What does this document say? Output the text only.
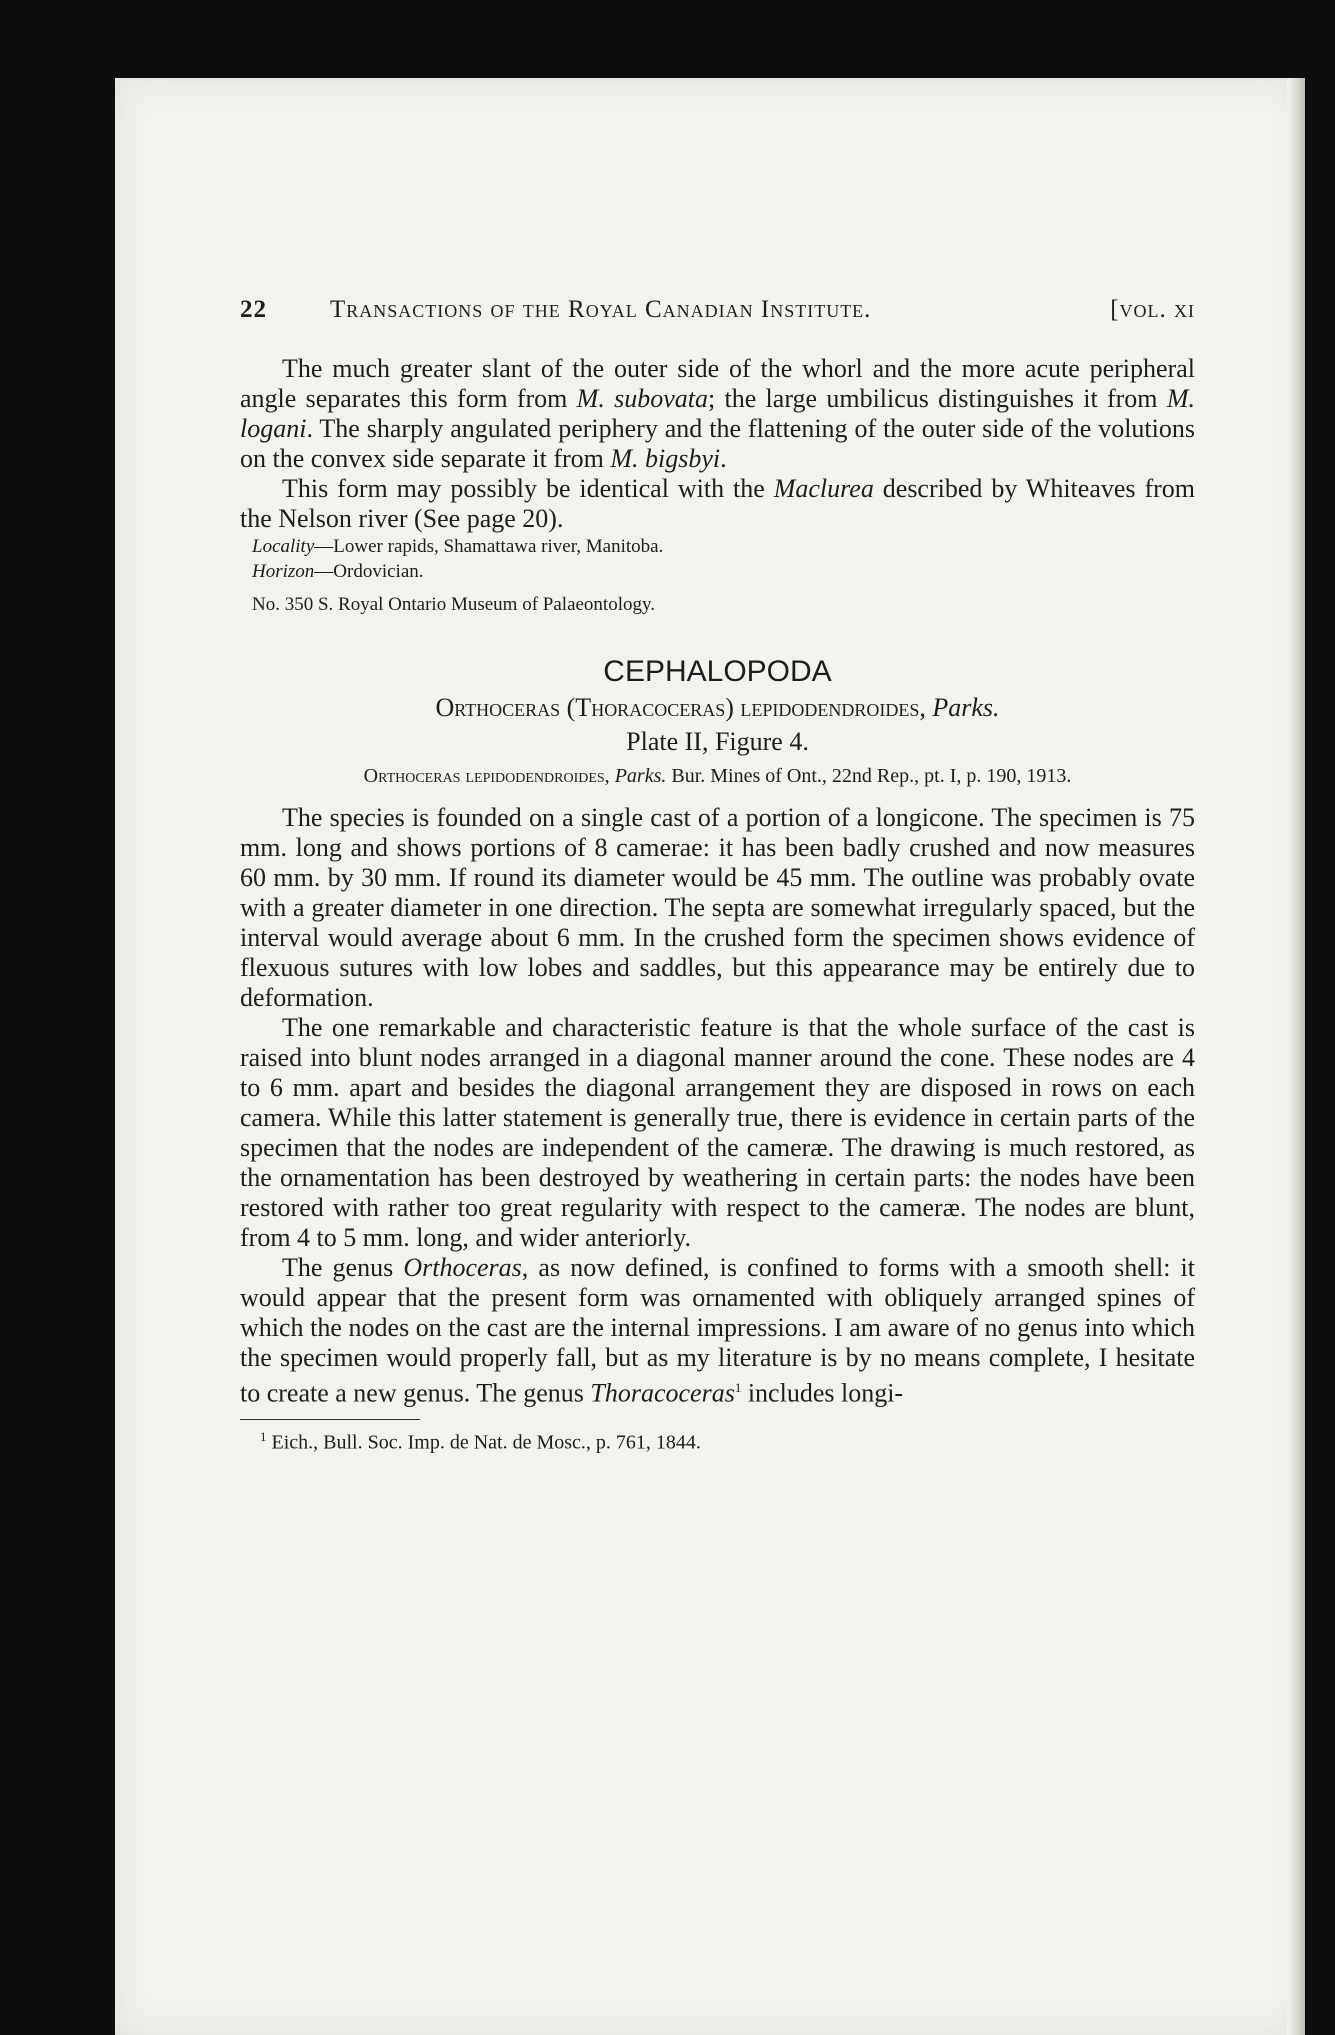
22	Transactions of the Royal Canadian Institute.	[vol. xi

The much greater slant of the outer side of the whorl and the more acute peripheral angle separates this form from M. subovata; the large umbilicus distinguishes it from M. logani. The sharply angulated periphery and the flattening of the outer side of the volutions on the convex side separate it from M. bigsbyi.

This form may possibly be identical with the Maclurea described by Whiteaves from the Nelson river (See page 20).

Locality—Lower rapids, Shamattawa river, Manitoba.

Horizon—Ordovician.

No. 350 S. Royal Ontario Museum of Palaeontology.

CEPHALOPODA
Orthoceras (Thoracoceras) lepidodendroides, Parks.
Plate II, Figure 4.
Orthoceras lepidodendroides, Parks. Bur. Mines of Ont., 22nd Rep., pt. I, p. 190, 1913.

The species is founded on a single cast of a portion of a longicone. The specimen is 75 mm. long and shows portions of 8 camerae: it has been badly crushed and now measures 60 mm. by 30 mm. If round its diameter would be 45 mm. The outline was probably ovate with a greater diameter in one direction. The septa are somewhat irregularly spaced, but the interval would average about 6 mm. In the crushed form the specimen shows evidence of flexuous sutures with low lobes and saddles, but this appearance may be entirely due to deformation.

The one remarkable and characteristic feature is that the whole surface of the cast is raised into blunt nodes arranged in a diagonal manner around the cone. These nodes are 4 to 6 mm. apart and besides the diagonal arrangement they are disposed in rows on each camera. While this latter statement is generally true, there is evidence in certain parts of the specimen that the nodes are independent of the cameræ. The drawing is much restored, as the ornamentation has been destroyed by weathering in certain parts: the nodes have been restored with rather too great regularity with respect to the cameræ. The nodes are blunt, from 4 to 5 mm. long, and wider anteriorly.

The genus Orthoceras, as now defined, is confined to forms with a smooth shell: it would appear that the present form was ornamented with obliquely arranged spines of which the nodes on the cast are the internal impressions. I am aware of no genus into which the specimen would properly fall, but as my literature is by no means complete, I hesitate to create a new genus. The genus Thoracoceras$^1$ includes longi-

$^1$ Eich., Bull. Soc. Imp. de Nat. de Mosc., p. 761, 1844.
